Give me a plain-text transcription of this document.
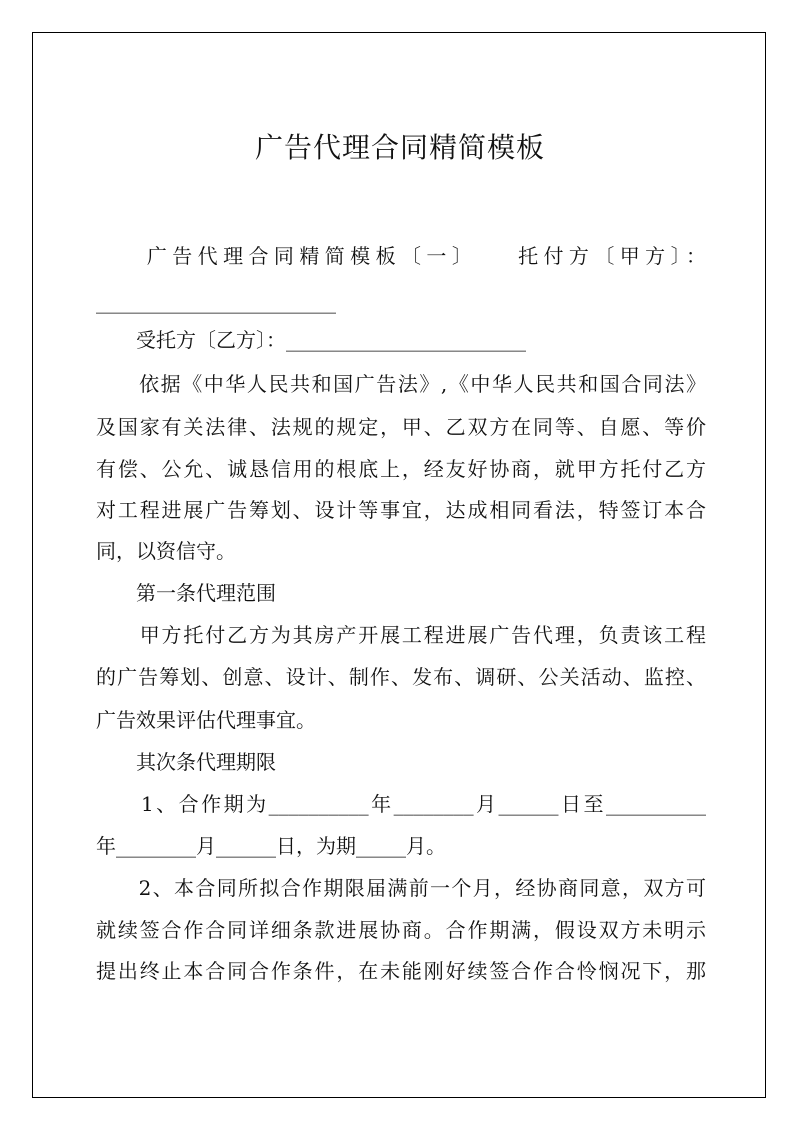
广告代理合同精简模板
　　广告代理合同精简模板〔一〕　　托付方〔甲方〕：
________________________
　　受托方〔乙方〕：________________________
　　依据《中华人民共和国广告法》,《中华人民共和国合同法》
及国家有关法律、法规的规定，甲、乙双方在同等、自愿、等价
有偿、公允、诚恳信用的根底上，经友好协商，就甲方托付乙方
对工程进展广告筹划、设计等事宜，达成相同看法，特签订本合
同，以资信守。
　　第一条代理范围
　　甲方托付乙方为其房产开展工程进展广告代理，负责该工程
的广告筹划、创意、设计、制作、发布、调研、公关活动、监控、
广告效果评估代理事宜。
　　其次条代理期限
　　1、合作期为__________年________月______日至__________
年________月______日，为期_____月。
　　2、本合同所拟合作期限届满前一个月，经协商同意，双方可
就续签合作合同详细条款进展协商。合作期满，假设双方未明示
提出终止本合同合作条件，在未能刚好续签合作合怜悯况下，那
